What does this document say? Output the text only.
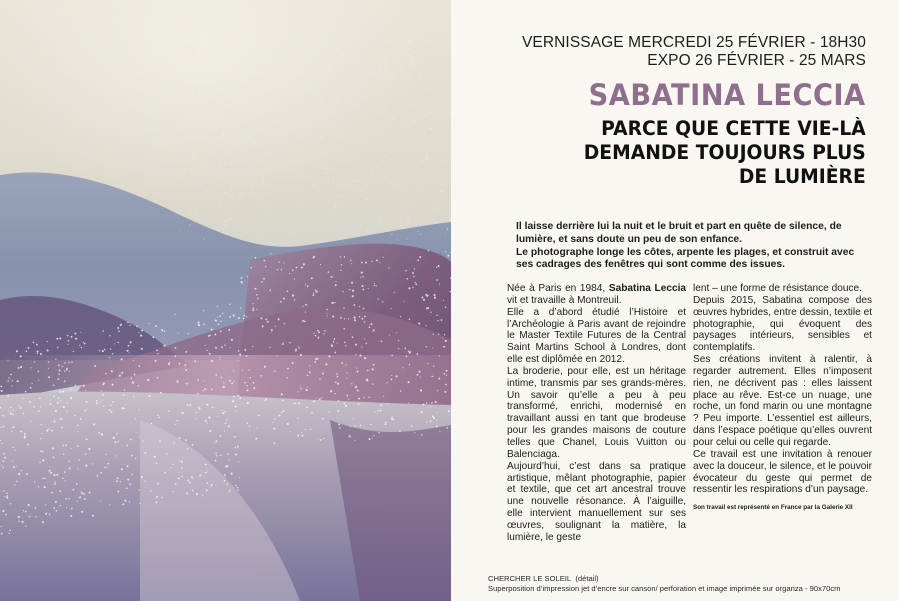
VERNISSAGE MERCREDI 25 FÉVRIER - 18H30
EXPO 26 FÉVRIER - 25 MARS
SABATINA LECCIA
PARCE QUE CETTE VIE-LÀ
DEMANDE TOUJOURS PLUS
DE LUMIÈRE

Il laisse derrière lui la nuit et le bruit et part en quête de silence, de lumière, et sans doute un peu de son enfance.

Le photographe longe les côtes, arpente les plages, et construit avec ses cadrages des fenêtres qui sont comme des issues.

Née à Paris en 1984, Sabatina Leccia vit et travaille à Montreuil.

Elle a d’abord étudié l’Histoire et l’Archéologie à Paris avant de rejoindre le Master Textile Futures de la Central Saint Martins School à Londres, dont elle est diplômée en 2012.

La broderie, pour elle, est un héritage intime, transmis par ses grands-mères. Un savoir qu’elle a peu à peu transformé, enrichi, modernisé en travaillant aussi en tant que brodeuse pour les grandes maisons de couture telles que Chanel, Louis Vuitton ou Balenciaga.

Aujourd’hui, c’est dans sa pratique artistique, mêlant photographie, papier et textile, que cet art ancestral trouve une nouvelle résonance. À l’aiguille, elle intervient manuellement sur ses œuvres, soulignant la matière, la lumière, le geste

lent – une forme de résistance douce.

Depuis 2015, Sabatina compose des œuvres hybrides, entre dessin, textile et photographie, qui évoquent des paysages intérieurs, sensibles et contemplatifs.

Ses créations invitent à ralentir, à regarder autrement. Elles n’imposent rien, ne décrivent pas : elles laissent place au rêve. Est-ce un nuage, une roche, un fond marin ou une montagne ? Peu importe. L’essentiel est ailleurs, dans l’espace poétique qu’elles ouvrent pour celui ou celle qui regarde.

Ce travail est une invitation à renouer avec la douceur, le silence, et le pouvoir évocateur du geste qui permet de ressentir les respirations d’un paysage.

Son travail est représenté en France par la Galerie XII
CHERCHER LE SOLEIL (détail)
Superposition d’impression jet d’encre sur canson/ perforation et image imprimée sur organza - 90x70cm
